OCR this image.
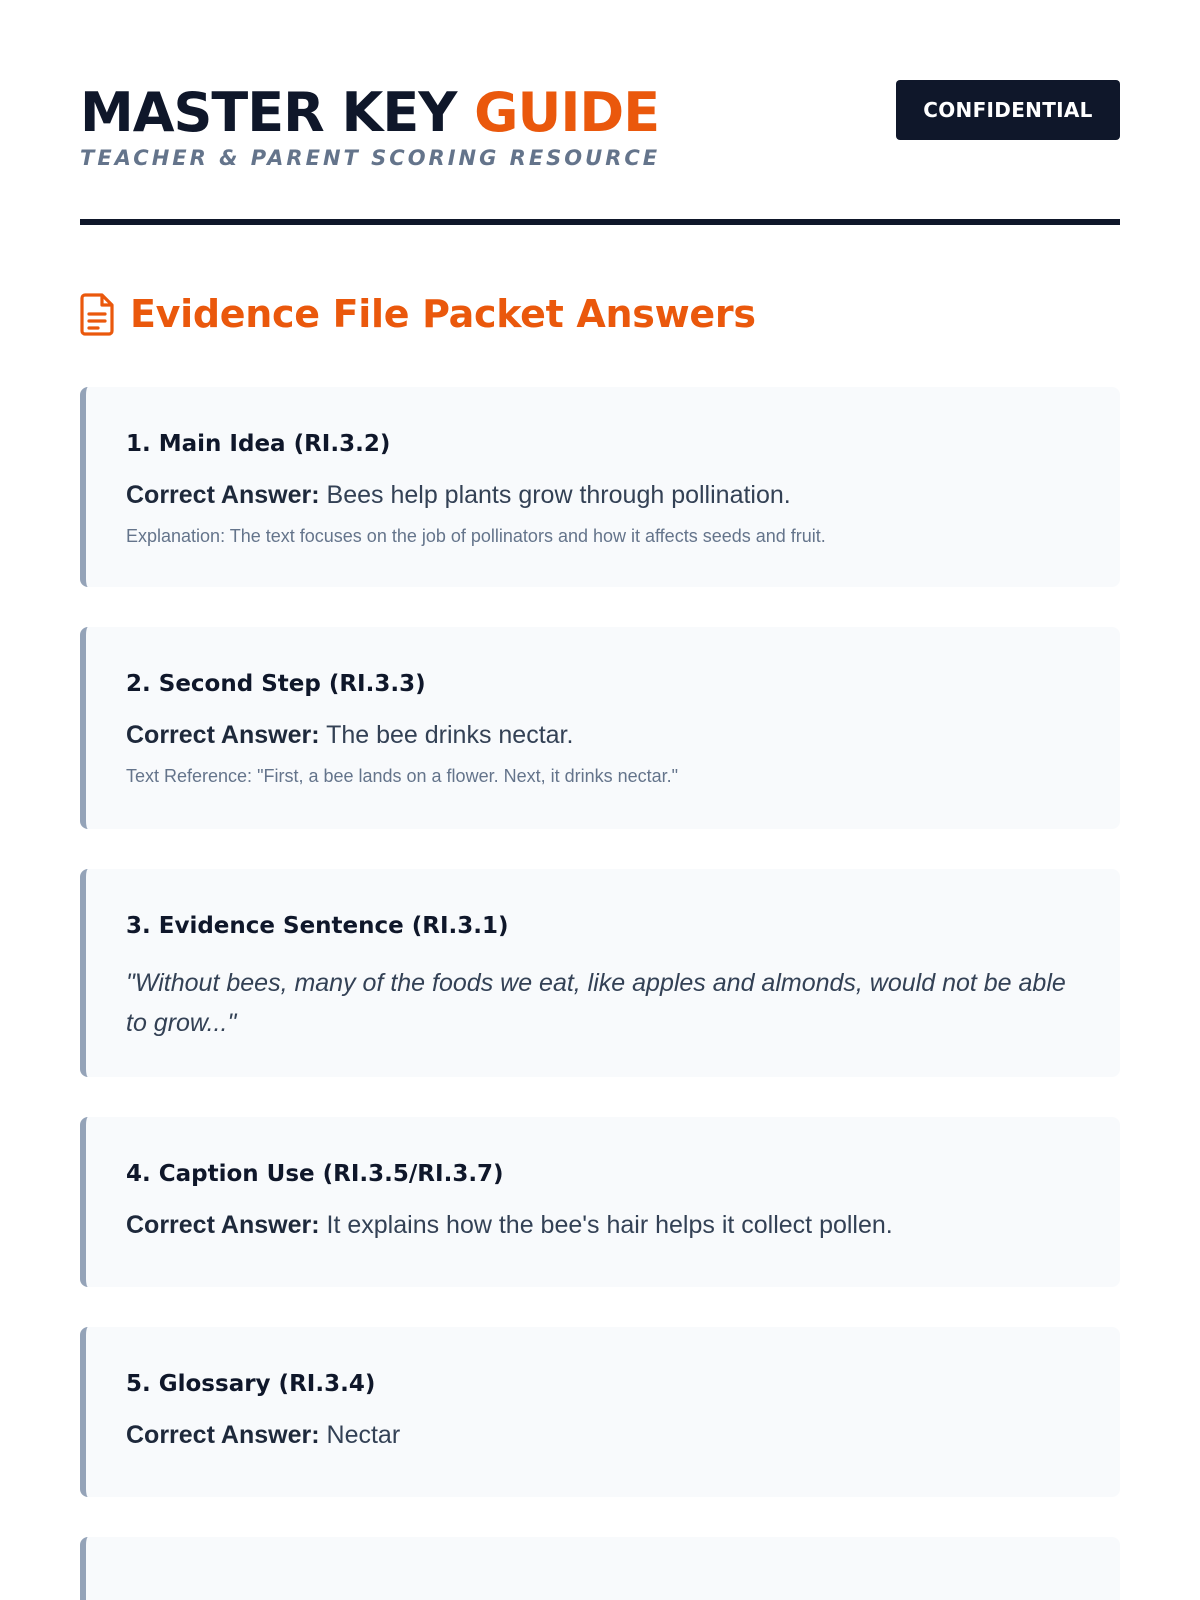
MASTER KEY GUIDE
TEACHER & PARENT SCORING RESOURCE
CONFIDENTIAL
Evidence File Packet Answers
1. Main Idea (RI.3.2)
Correct Answer: Bees help plants grow through pollination.
Explanation: The text focuses on the job of pollinators and how it affects seeds and fruit.
2. Second Step (RI.3.3)
Correct Answer: The bee drinks nectar.
Text Reference: "First, a bee lands on a flower. Next, it drinks nectar."
3. Evidence Sentence (RI.3.1)
"Without bees, many of the foods we eat, like apples and almonds, would not be able to grow..."
4. Caption Use (RI.3.5/RI.3.7)
Correct Answer: It explains how the bee's hair helps it collect pollen.
5. Glossary (RI.3.4)
Correct Answer: Nectar
